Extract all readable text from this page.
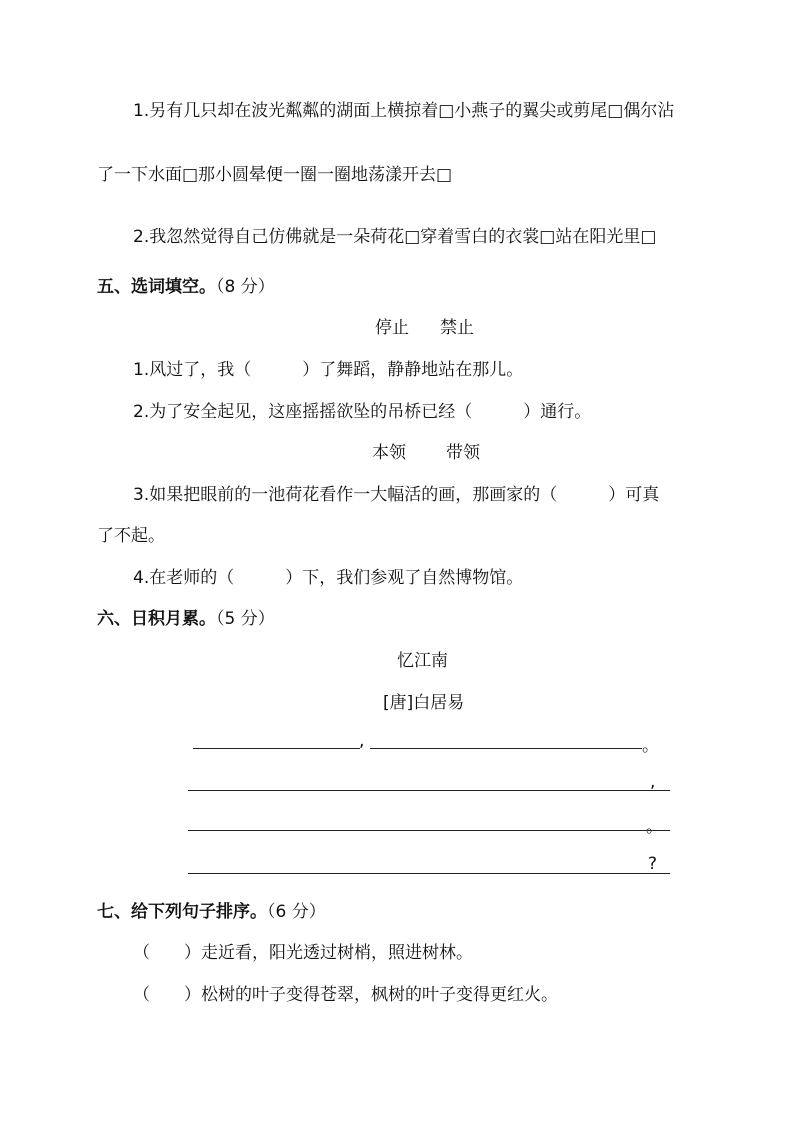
1.另有几只却在波光粼粼的湖面上横掠着□小燕子的翼尖或剪尾□偶尔沾
了一下水面□那小圆晕便一圈一圈地荡漾开去□
2.我忽然觉得自己仿佛就是一朵荷花□穿着雪白的衣裳□站在阳光里□
五、选词填空。（8 分）
停止 禁止
1.风过了，我（　　　）了舞蹈，静静地站在那儿。
2.为了安全起见，这座摇摇欲坠的吊桥已经（　　　）通行。
本领 带领
3.如果把眼前的一池荷花看作一大幅活的画，那画家的（　　　）可真
了不起。
4.在老师的（　　　）下，我们参观了自然博物馆。
六、日积月累。（5 分）
忆江南
[唐]白居易
,	。
,
。
?
七、给下列句子排序。（6 分）
（　　）走近看，阳光透过树梢，照进树林。
（　　）松树的叶子变得苍翠，枫树的叶子变得更红火。
